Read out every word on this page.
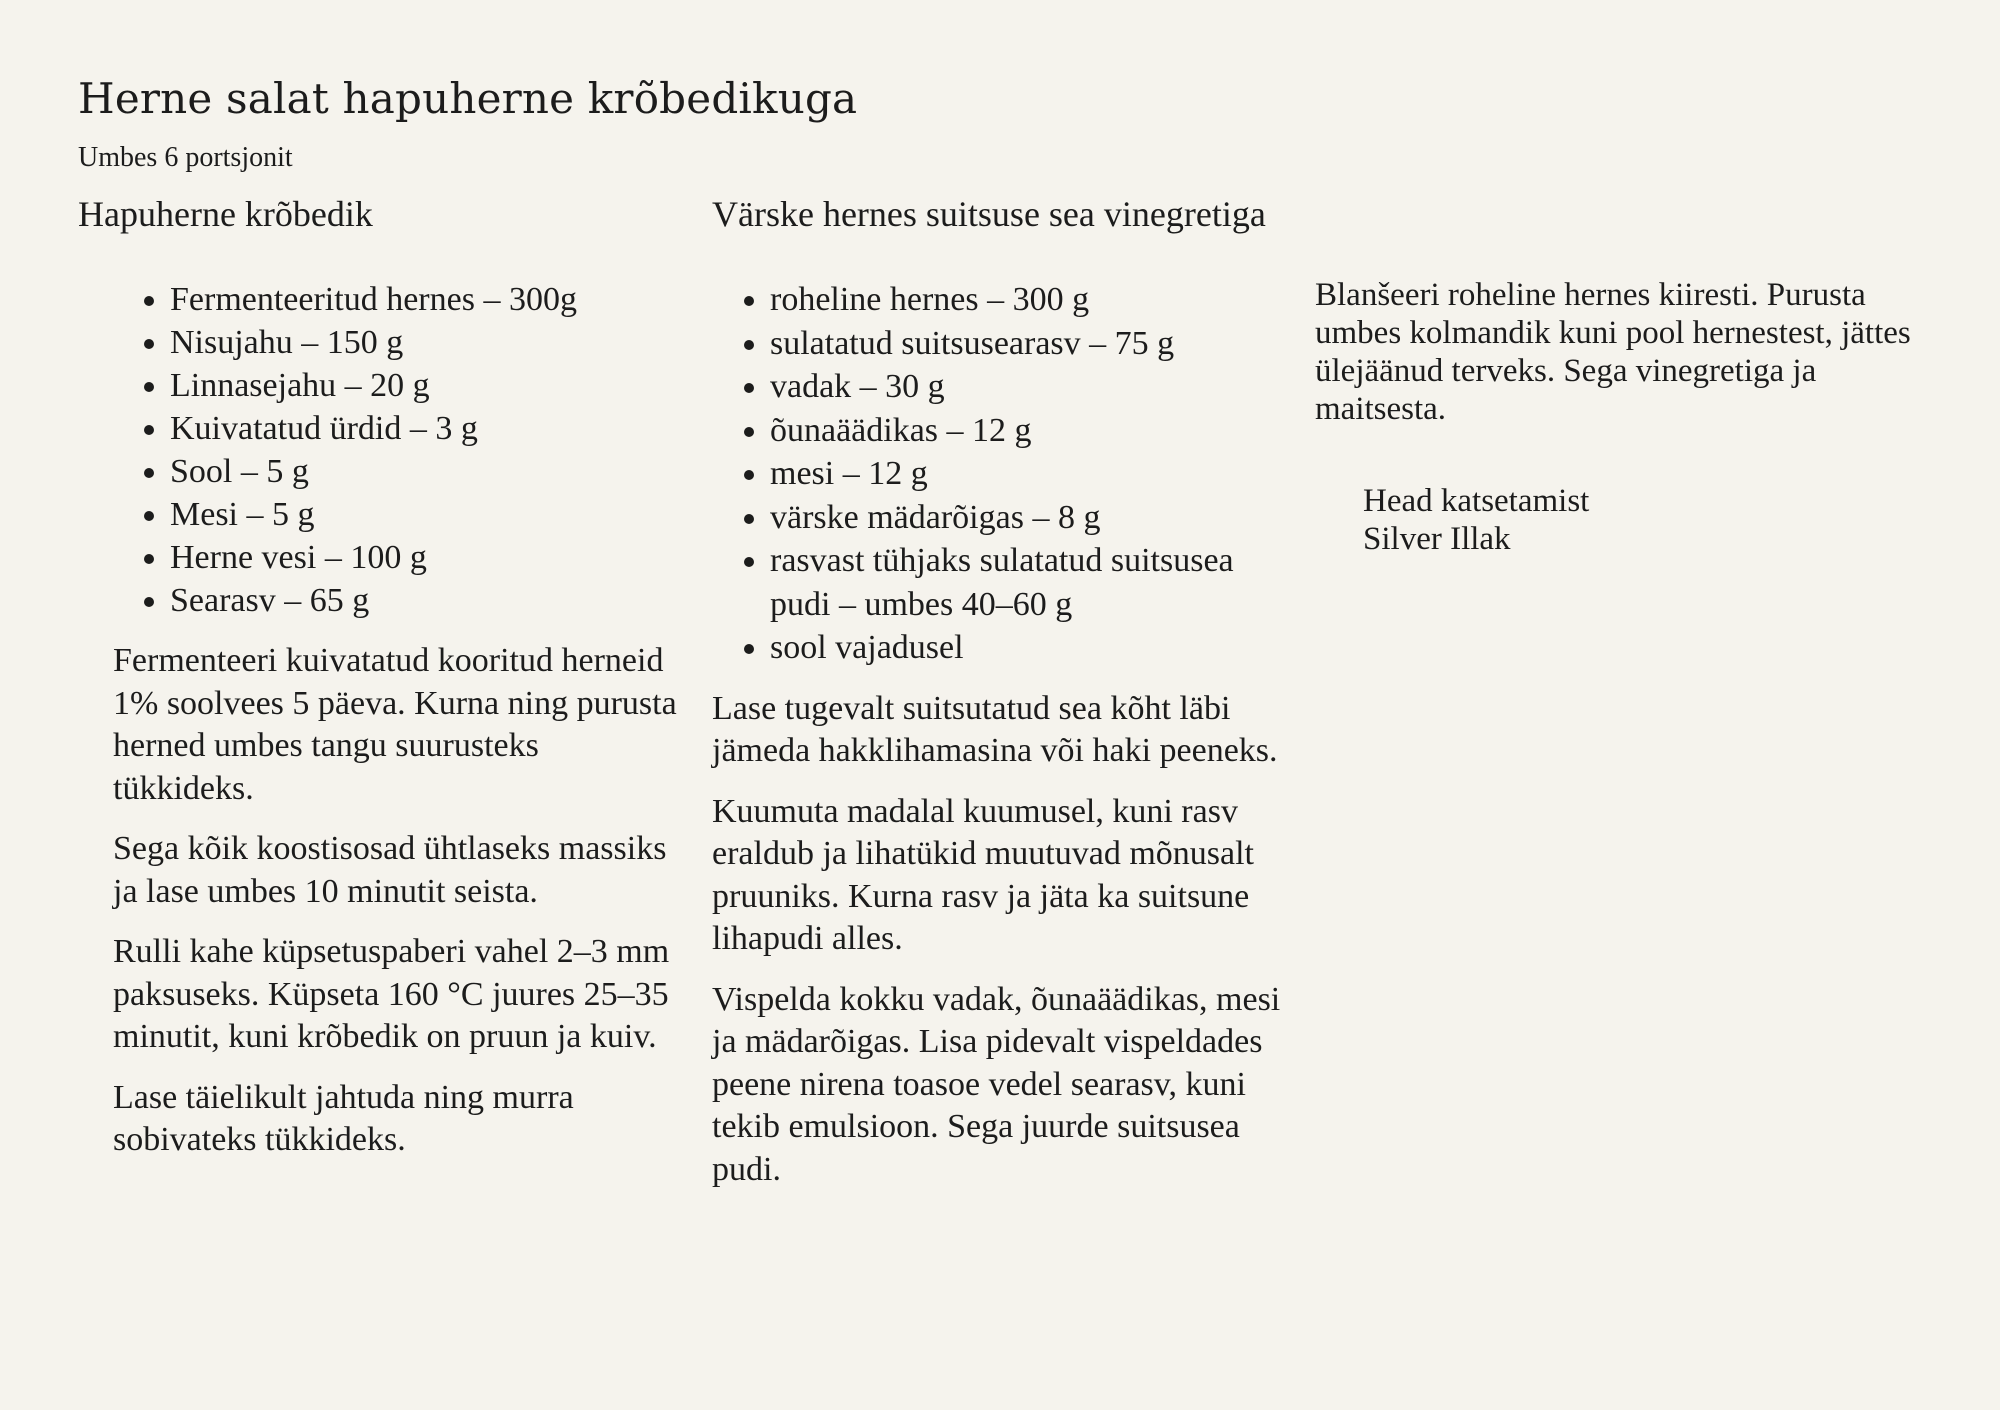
Herne salat hapuherne krõbedikuga
Umbes 6 portsjonit
Hapuherne krõbedik
• Fermenteeritud hernes – 300g
• Nisujahu – 150 g
• Linnasejahu – 20 g
• Kuivatatud ürdid – 3 g
• Sool – 5 g
• Mesi – 5 g
• Herne vesi – 100 g
• Searasv – 65 g

Fermenteeri kuivatatud kooritud herneid 1% soolvees 5 päeva. Kurna ning purusta herned umbes tangu suurusteks tükkideks.

Sega kõik koostisosad ühtlaseks massiks ja lase umbes 10 minutit seista.

Rulli kahe küpsetuspaberi vahel 2–3 mm paksuseks. Küpseta 160 °C juures 25–35 minutit, kuni krõbedik on pruun ja kuiv.

Lase täielikult jahtuda ning murra sobivateks tükkideks.

Värske hernes suitsuse sea vinegretiga
• roheline hernes – 300 g
• sulatatud suitsusearasv – 75 g
• vadak – 30 g
• õunaäädikas – 12 g
• mesi – 12 g
• värske mädarõigas – 8 g
• rasvast tühjaks sulatatud suitsusea pudi – umbes 40–60 g
• sool vajadusel

Lase tugevalt suitsutatud sea kõht läbi jämeda hakklihamasina või haki peeneks.

Kuumuta madalal kuumusel, kuni rasv eraldub ja lihatükid muutuvad mõnusalt pruuniks. Kurna rasv ja jäta ka suitsune lihapudi alles.

Vispelda kokku vadak, õunaäädikas, mesi ja mädarõigas. Lisa pidevalt vispeldades peene nirena toasoe vedel searasv, kuni tekib emulsioon. Sega juurde suitsusea pudi.

Blanšeeri roheline hernes kiiresti. Purusta umbes kolmandik kuni pool hernestest, jättes ülejäänud terveks. Sega vinegretiga ja maitsesta.

Head katsetamist
Silver Illak
